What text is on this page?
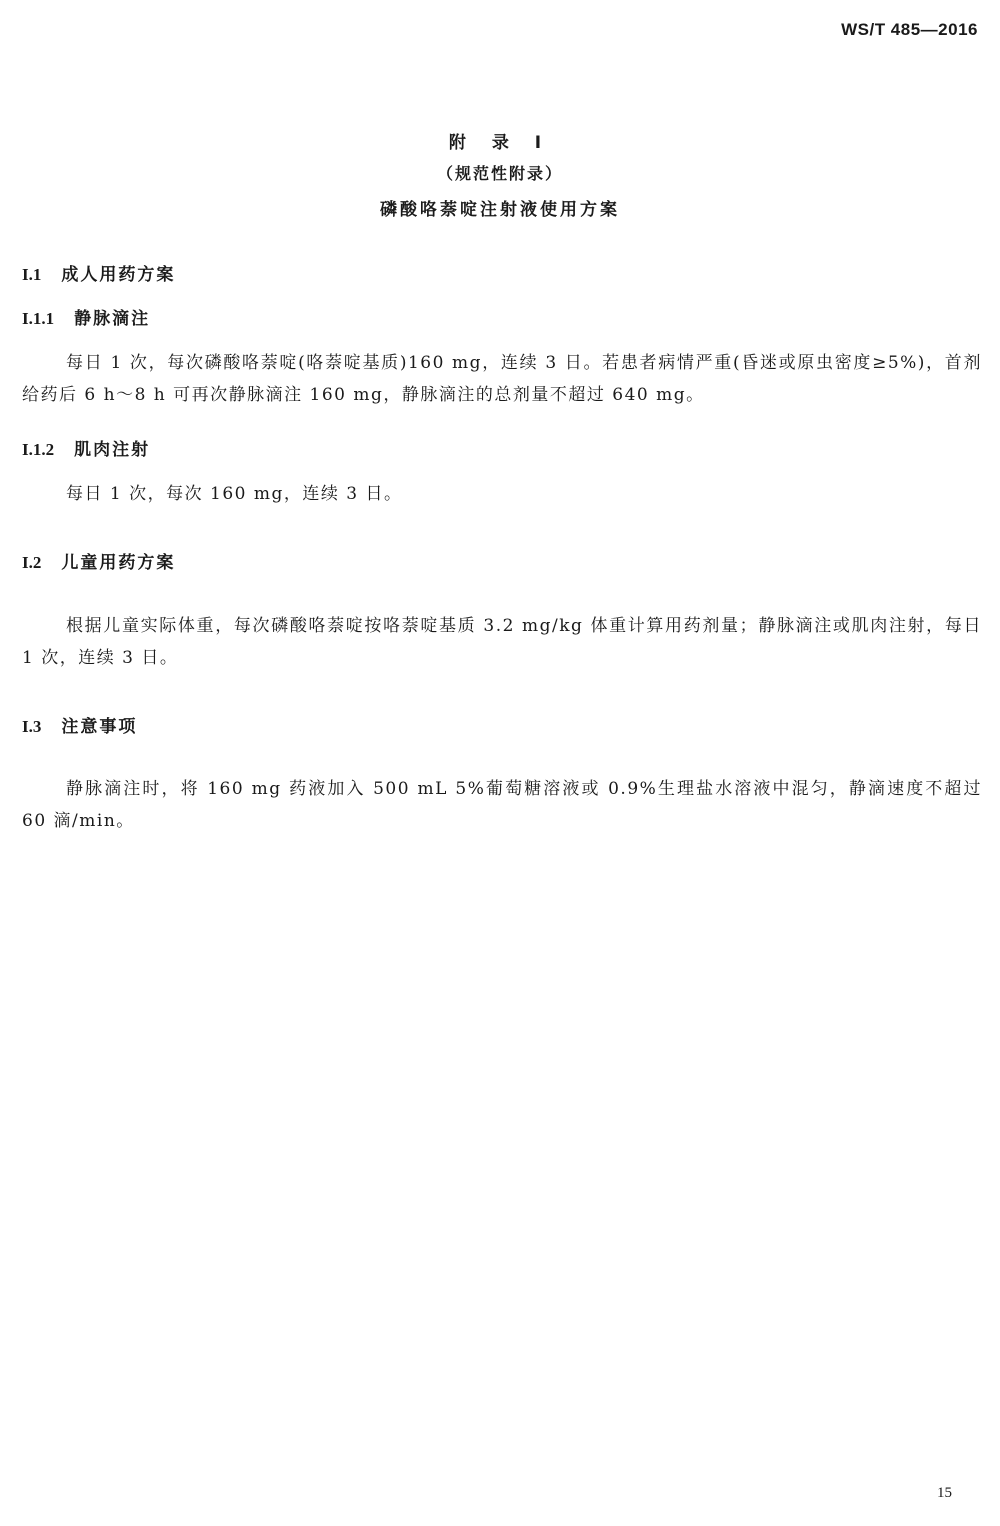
WS/T 485—2016
附 录 I
（规范性附录）
磷酸咯萘啶注射液使用方案
I.1 成人用药方案
I.1.1 静脉滴注
每日 1 次，每次磷酸咯萘啶(咯萘啶基质)160 mg，连续 3 日。若患者病情严重(昏迷或原虫密度≥5%)，首剂给药后 6 h～8 h 可再次静脉滴注 160 mg，静脉滴注的总剂量不超过 640 mg。
I.1.2 肌肉注射
每日 1 次，每次 160 mg，连续 3 日。
I.2 儿童用药方案
根据儿童实际体重，每次磷酸咯萘啶按咯萘啶基质 3.2 mg/kg 体重计算用药剂量；静脉滴注或肌肉注射，每日 1 次，连续 3 日。
I.3 注意事项
静脉滴注时，将 160 mg 药液加入 500 mL 5%葡萄糖溶液或 0.9%生理盐水溶液中混匀，静滴速度不超过 60 滴/min。
15
